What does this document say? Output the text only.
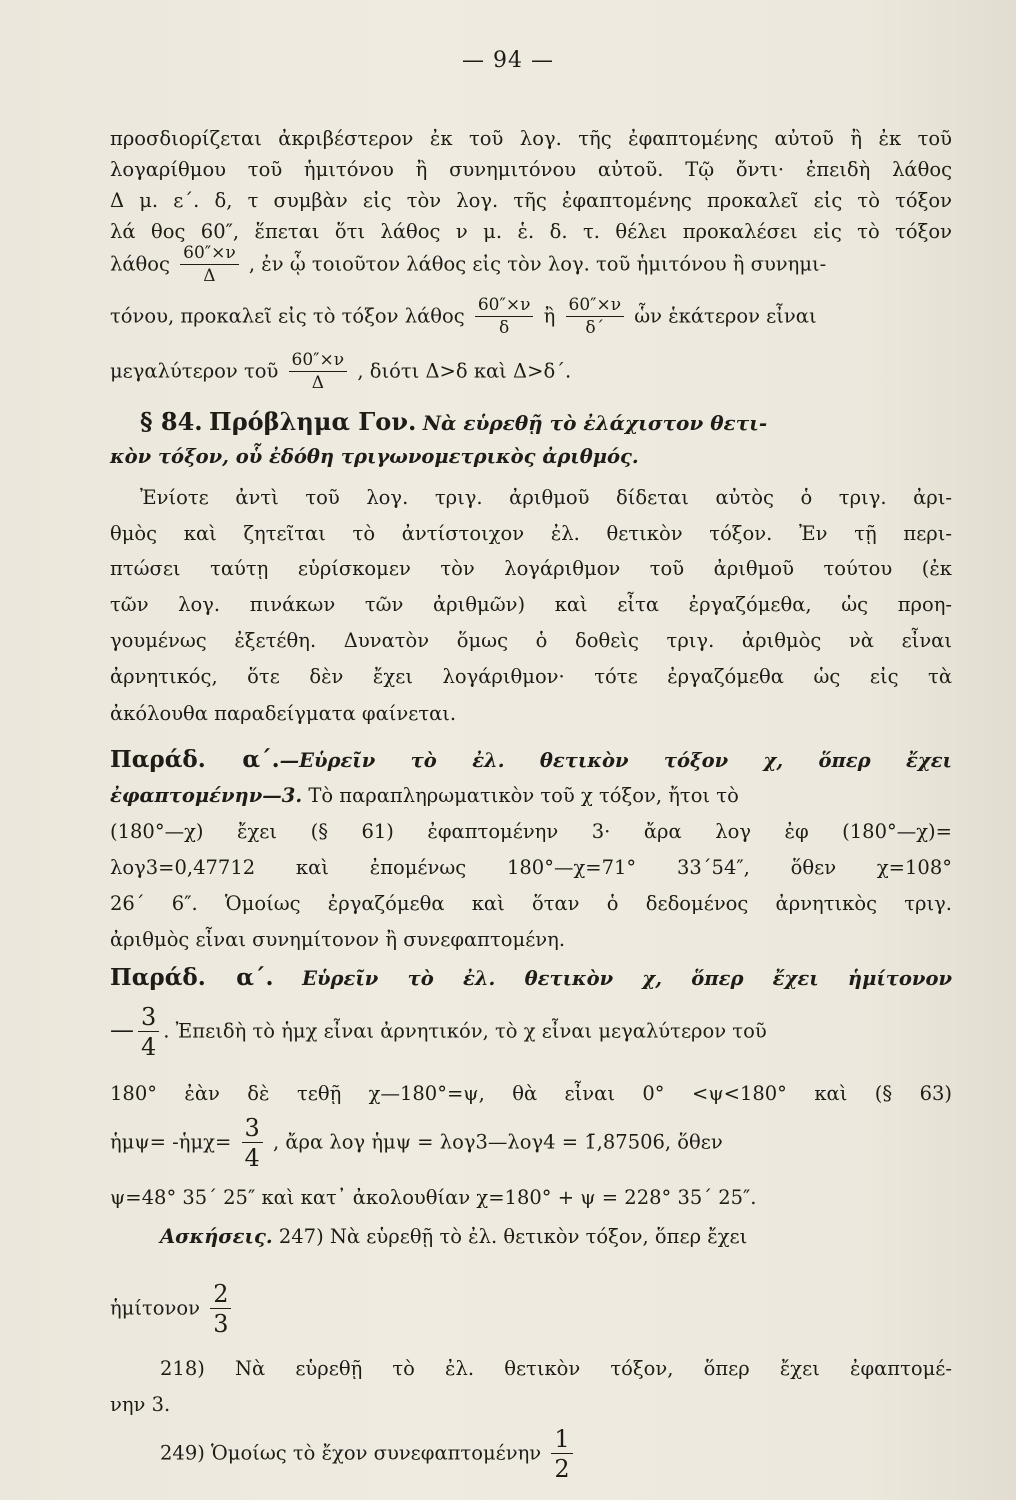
— 94 —
προσδιορίζεται ἀκριβέστερον ἐκ τοῦ λογ. τῆς ἐφαπτομένης αὐτοῦ ἢ ἐκ τοῦ
λογαρίθμου τοῦ ἡμιτόνου ἢ συνημιτόνου αὐτοῦ. Τῷ ὄντι· ἐπειδὴ λάθος
Δ μ. ε΄. δ, τ συμβὰν εἰς τὸν λογ. τῆς ἐφαπτομένης προκαλεῖ εἰς τὸ τόξον
λά θος 60″, ἕπεται ὅτι λάθος ν μ. ἑ. δ. τ. θέλει προκαλέσει εἰς τὸ τόξον
λάθος $\frac{60''\times\nu}{\Delta}$ , ἐν ᾧ τοιοῦτον λάθος εἰς τὸν λογ. τοῦ ἡμιτόνου ἢ συνημι-
τόνου, προκαλεῖ εἰς τὸ τόξον λάθος $\frac{60''\times\nu}{\delta}$ ἢ $\frac{60''\times\nu}{\delta΄}$ ὧν ἑκάτερον εἶναι
μεγαλύτερον τοῦ $\frac{60''\times\nu}{\Delta}$ , διότι Δ>δ καὶ Δ>δ΄.
§ 84. Πρόβλημα Γον. Νὰ εὑρεθῇ τὸ ἐλάχιστον θετι-
κὸν τόξον, οὗ ἐδόθη τριγωνομετρικὸς ἀριθμός.
Ἐνίοτε ἀντὶ τοῦ λογ. τριγ. ἀριθμοῦ δίδεται αὐτὸς ὁ τριγ. ἀρι-
θμὸς καὶ ζητεῖται τὸ ἀντίστοιχον ἐλ. θετικὸν τόξον. Ἐν τῇ περι-
πτώσει ταύτῃ εὑρίσκομεν τὸν λογάριθμον τοῦ ἀριθμοῦ τούτου (ἐκ
τῶν λογ. πινάκων τῶν ἀριθμῶν) καὶ εἶτα ἐργαζόμεθα, ὡς προη-
γουμένως ἐξετέθη. Δυνατὸν ὅμως ὁ δοθεὶς τριγ. ἀριθμὸς νὰ εἶναι
ἀρνητικός, ὅτε δὲν ἔχει λογάριθμον· τότε ἐργαζόμεθα ὡς εἰς τὰ
ἀκόλουθα παραδείγματα φαίνεται.
Παράδ. α΄.—Εὑρεῖν τὸ ἐλ. θετικὸν τόξον χ, ὅπερ ἔχει
ἐφαπτομένην—3. Τὸ παραπληρωματικὸν τοῦ χ τόξον, ἤτοι τὸ
(180°—χ) ἔχει (§ 61) ἐφαπτομένην 3· ἄρα λογ ἐφ (180°—χ)=
λογ3=0,47712 καὶ ἐπομένως 180°—χ=71° 33΄54″, ὅθεν χ=108°
26΄ 6″. Ὁμοίως ἐργαζόμεθα καὶ ὅταν ὁ δεδομένος ἀρνητικὸς τριγ.
ἀριθμὸς εἶναι συνημίτονον ἢ συνεφαπτομένη.
Παράδ. α΄. Εὑρεῖν τὸ ἐλ. θετικὸν χ, ὅπερ ἔχει ἡμίτονον
— $\frac{3}{4}$ . Ἐπειδὴ τὸ ἡμχ εἶναι ἀρνητικόν, τὸ χ εἶναι μεγαλύτερον τοῦ
180° ἐὰν δὲ τεθῇ χ—180°=ψ, θὰ εἶναι 0° <ψ<180° καὶ (§ 63)
ἡμψ= -ἡμχ= $\frac{3}{4}$ , ἄρα λογ ἡμψ = λογ3—λογ4 = 1̄,87506, ὅθεν
ψ=48° 35΄ 25″ καὶ κατ᾿ ἀκολουθίαν χ=180° + ψ = 228° 35΄ 25″.
Ασκήσεις. 247) Νὰ εὑρεθῇ τὸ ἐλ. θετικὸν τόξον, ὅπερ ἔχει
ἡμίτονον $\frac{2}{3}$
218) Νὰ εὑρεθῇ τὸ ἐλ. θετικὸν τόξον, ὅπερ ἔχει ἐφαπτομέ-
νην 3.
249) Ὁμοίως τὸ ἔχον συνεφαπτομένην $\frac{1}{2}$
